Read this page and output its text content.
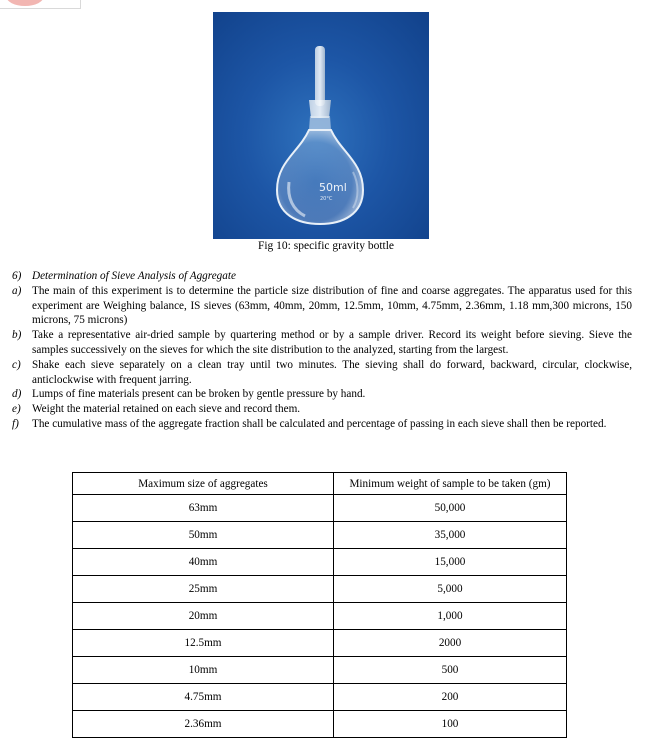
50ml
20°C
Fig 10: specific gravity bottle
6) Determination of Sieve Analysis of Aggregate
a) The main of this experiment is to determine the particle size distribution of fine and coarse aggregates. The apparatus used for this experiment are Weighing balance, IS sieves (63mm, 40mm, 20mm, 12.5mm, 10mm, 4.75mm, 2.36mm, 1.18 mm,300 microns, 150 microns, 75 microns)
b) Take a representative air-dried sample by quartering method or by a sample driver. Record its weight before sieving. Sieve the samples successively on the sieves for which the site distribution to the analyzed, starting from the largest.
c)	Shake each sieve separately on a clean tray until two minutes. The sieving shall do forward, backward, circular, clockwise, anticlockwise with frequent jarring.
d) Lumps of fine materials present can be broken by gentle pressure by hand.
e)	Weight the material retained on each sieve and record them.
f)	The cumulative mass of the aggregate fraction shall be calculated and percentage of passing in each sieve shall then be reported.
Maximum size of aggregates	Minimum weight of sample to be taken (gm)
63mm	50,000
50mm	35,000
40mm	15,000
25mm	5,000
20mm	1,000
12.5mm	2000
10mm	500
4.75mm	200
2.36mm	100
